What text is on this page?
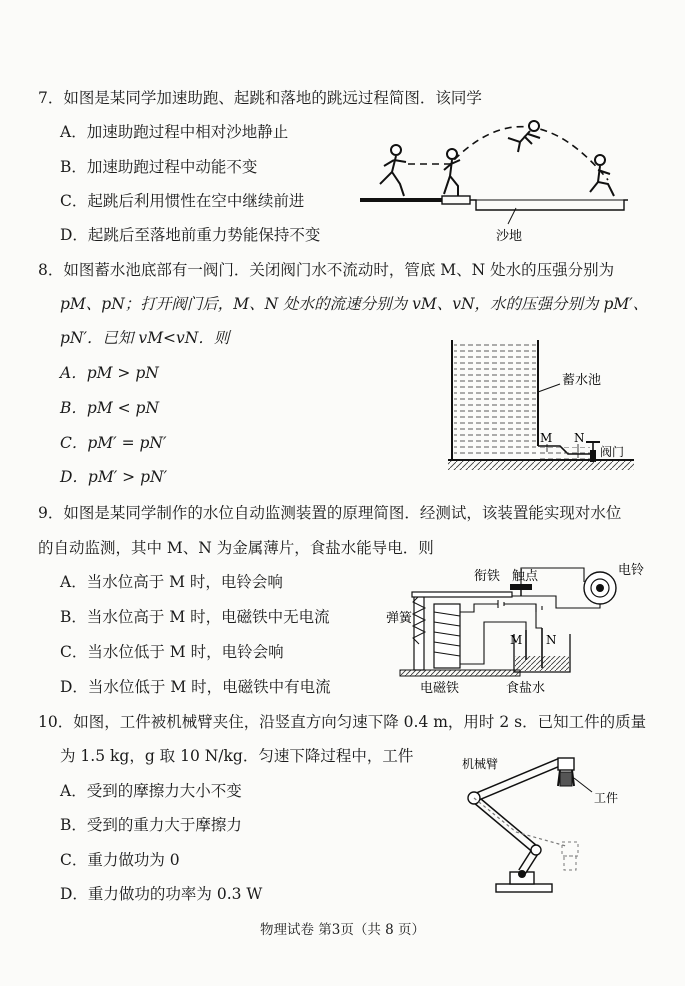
7．如图是某同学加速助跑、起跳和落地的跳远过程简图．该同学
A．加速助跑过程中相对沙地静止
B．加速助跑过程中动能不变
C．起跳后利用惯性在空中继续前进
D．起跳后至落地前重力势能保持不变	沙地
8．如图蓄水池底部有一阀门．关闭阀门水不流动时，管底 M、N 处水的压强分别为
pM、pN；打开阀门后，M、N 处水的流速分别为 vM、vN，水的压强分别为 pM′、
pN′．已知 vM<vN．则
A．pM > pN
B．pM < pN
C．pM′ = pN′
D．pM′ > pN′
蓄水池
M N
阀门
9．如图是某同学制作的水位自动监测装置的原理简图．经测试，该装置能实现对水位
的自动监测，其中 M、N 为金属薄片，食盐水能导电．则
A．当水位高于 M 时，电铃会响
B．当水位高于 M 时，电磁铁中无电流
C．当水位低于 M 时，电铃会响
D．当水位低于 M 时，电磁铁中有电流
衔铁 触点	电铃
弹簧
M N
电磁铁	食盐水
10．如图，工件被机械臂夹住，沿竖直方向匀速下降 0.4 m，用时 2 s．已知工件的质量
为 1.5 kg，g 取 10 N/kg．匀速下降过程中，工件
A．受到的摩擦力大小不变
B．受到的重力大于摩擦力
C．重力做功为 0
D．重力做功的功率为 0.3 W
机械臂
工件
物理试卷 第3页（共 8 页）
